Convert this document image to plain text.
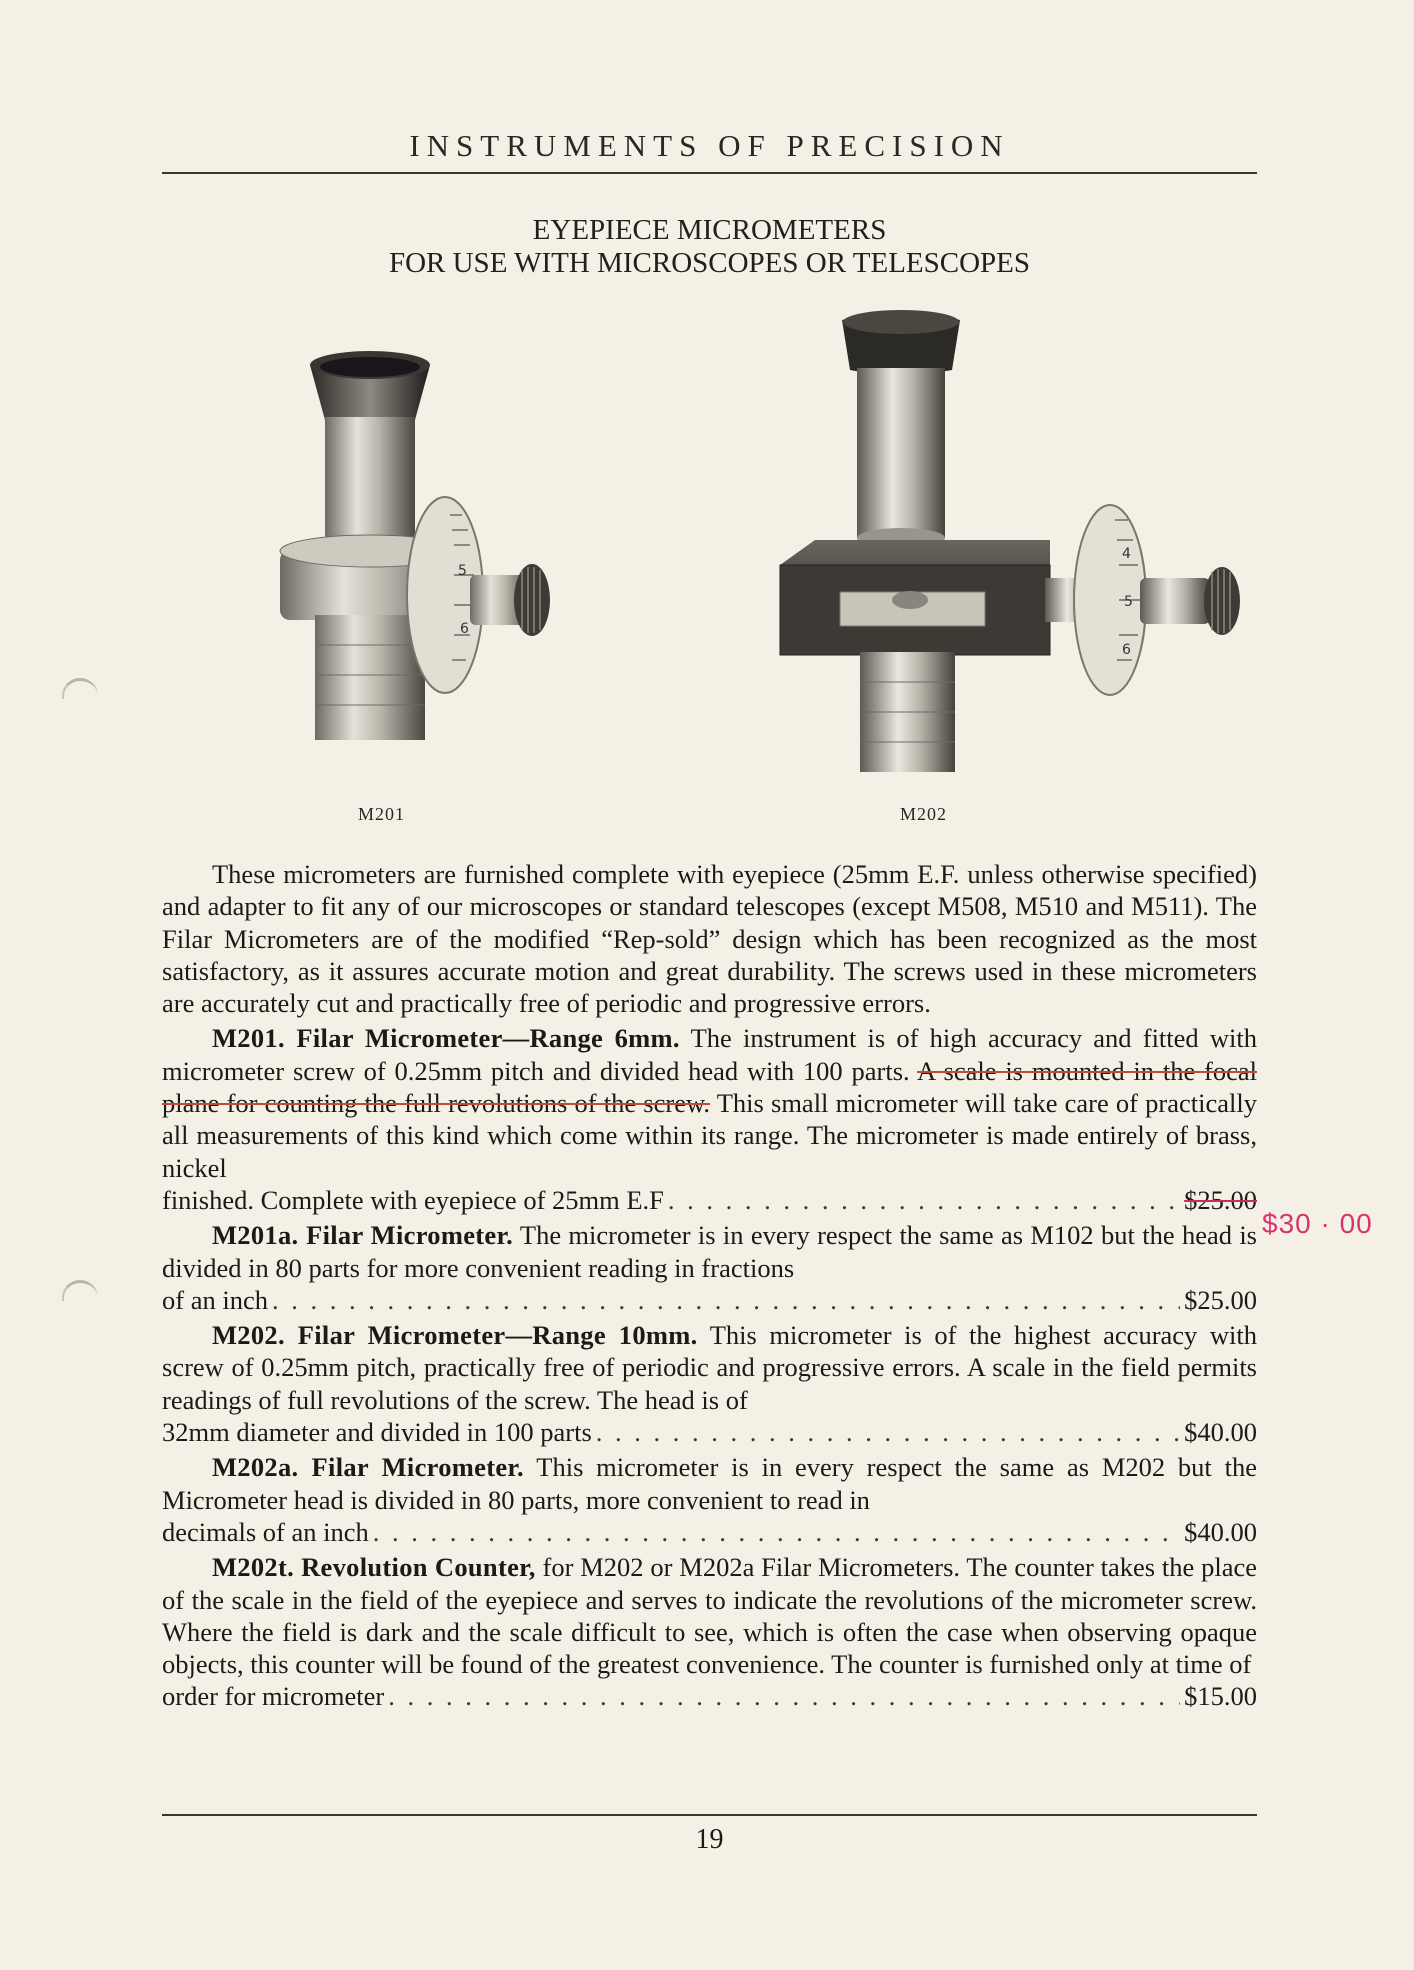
INSTRUMENTS OF PRECISION
EYEPIECE MICROMETERS
FOR USE WITH MICROSCOPES OR TELESCOPES
5
6
4
5
6
M201	M202

These micrometers are furnished complete with eyepiece (25mm E.F. unless otherwise specified) and adapter to fit any of our microscopes or standard telescopes (except M508, M510 and M511). The Filar Micrometers are of the modified “Rep-sold” design which has been recognized as the most satisfactory, as it assures accurate motion and great durability. The screws used in these micrometers are accurately cut and practically free of periodic and progressive errors.

M201. Filar Micrometer—Range 6mm. The instrument is of high accuracy and fitted with micrometer screw of 0.25mm pitch and divided head with 100 parts. A scale is mounted in the focal plane for counting the full revolutions of the screw. This small micrometer will take care of practically all measurements of this kind which come within its range. The micrometer is made entirely of brass, nickel
finished. Complete with eyepiece of 25mm E.F . . .	$25.00
M201a. Filar Micrometer. The micrometer is in every respect the same as M102 but the head is divided in 80 parts for more convenient reading in fractions
of an inch . . .	$25.00
M202. Filar Micrometer—Range 10mm. This micrometer is of the highest accuracy with screw of 0.25mm pitch, practically free of periodic and progressive errors. A scale in the field permits readings of full revolutions of the screw. The head is of
32mm diameter and divided in 100 parts . . .	$40.00
M202a. Filar Micrometer. This micrometer is in every respect the same as M202 but the Micrometer head is divided in 80 parts, more convenient to read in
decimals of an inch . . .	$40.00
M202t. Revolution Counter, for M202 or M202a Filar Micrometers. The counter takes the place of the scale in the field of the eyepiece and serves to indicate the revolutions of the micrometer screw. Where the field is dark and the scale difficult to see, which is often the case when observing opaque objects, this counter will be found of the greatest convenience. The counter is furnished only at time of
order for micrometer . . .	$15.00
$30 · 00
19
